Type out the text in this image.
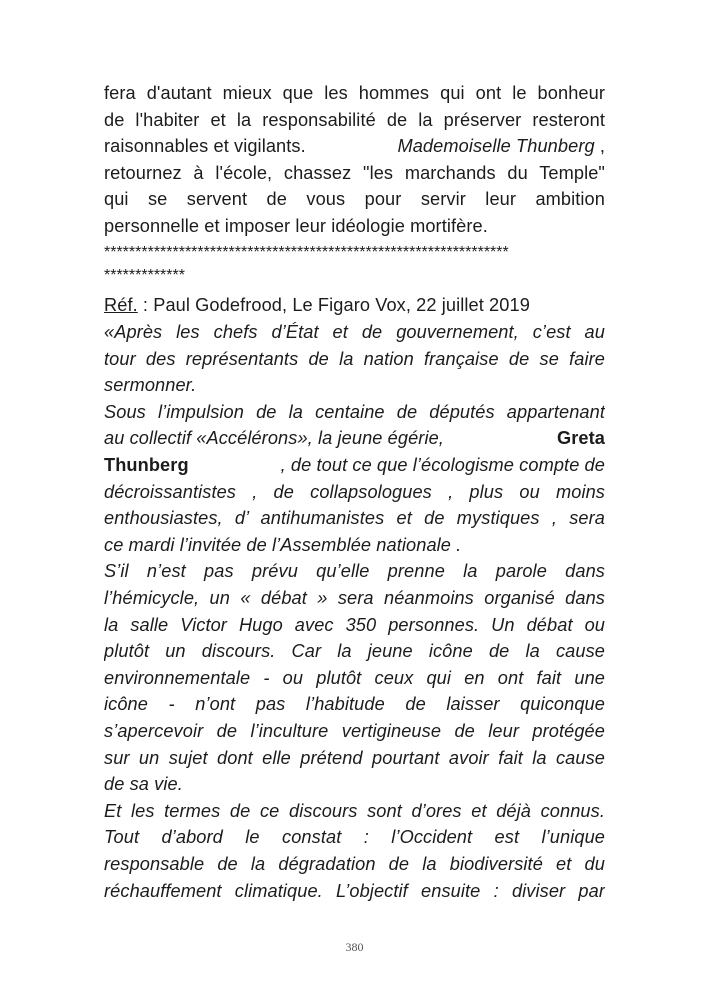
fera d'autant mieux que les hommes qui ont le bonheur
de l'habiter et la responsabilité de la préserver resteront
raisonnables et vigilants.	Mademoiselle Thunberg ,
retournez à l'école, chassez "les marchands du Temple"
qui se servent de vous pour servir leur ambition
personnelle et imposer leur idéologie mortifère.
*****************************************************************
*************
Réf. : Paul Godefrood, Le Figaro Vox, 22 juillet 2019
«Après les chefs d’État et de gouvernement, c’est au
tour des représentants de la nation française de se faire
sermonner.
Sous l’impulsion de la centaine de députés appartenant
au collectif «Accélérons», la jeune égérie,	Greta
Thunberg	, de tout ce que l’écologisme compte de
décroissantistes , de collapsologues , plus ou moins
enthousiastes, d’ antihumanistes et de mystiques , sera
ce mardi l’invitée de l’Assemblée nationale .
S’il n’est pas prévu qu’elle prenne la parole dans
l’hémicycle, un « débat » sera néanmoins organisé dans
la salle Victor Hugo avec 350 personnes. Un débat ou
plutôt un discours. Car la jeune icône de la cause
environnementale - ou plutôt ceux qui en ont fait une
icône - n’ont pas l’habitude de laisser quiconque
s’apercevoir de l’inculture vertigineuse de leur protégée
sur un sujet dont elle prétend pourtant avoir fait la cause
de sa vie.
Et les termes de ce discours sont d’ores et déjà connus.
Tout d’abord le constat : l’Occident est l’unique
responsable de la dégradation de la biodiversité et du
réchauffement climatique. L’objectif ensuite : diviser par
380
